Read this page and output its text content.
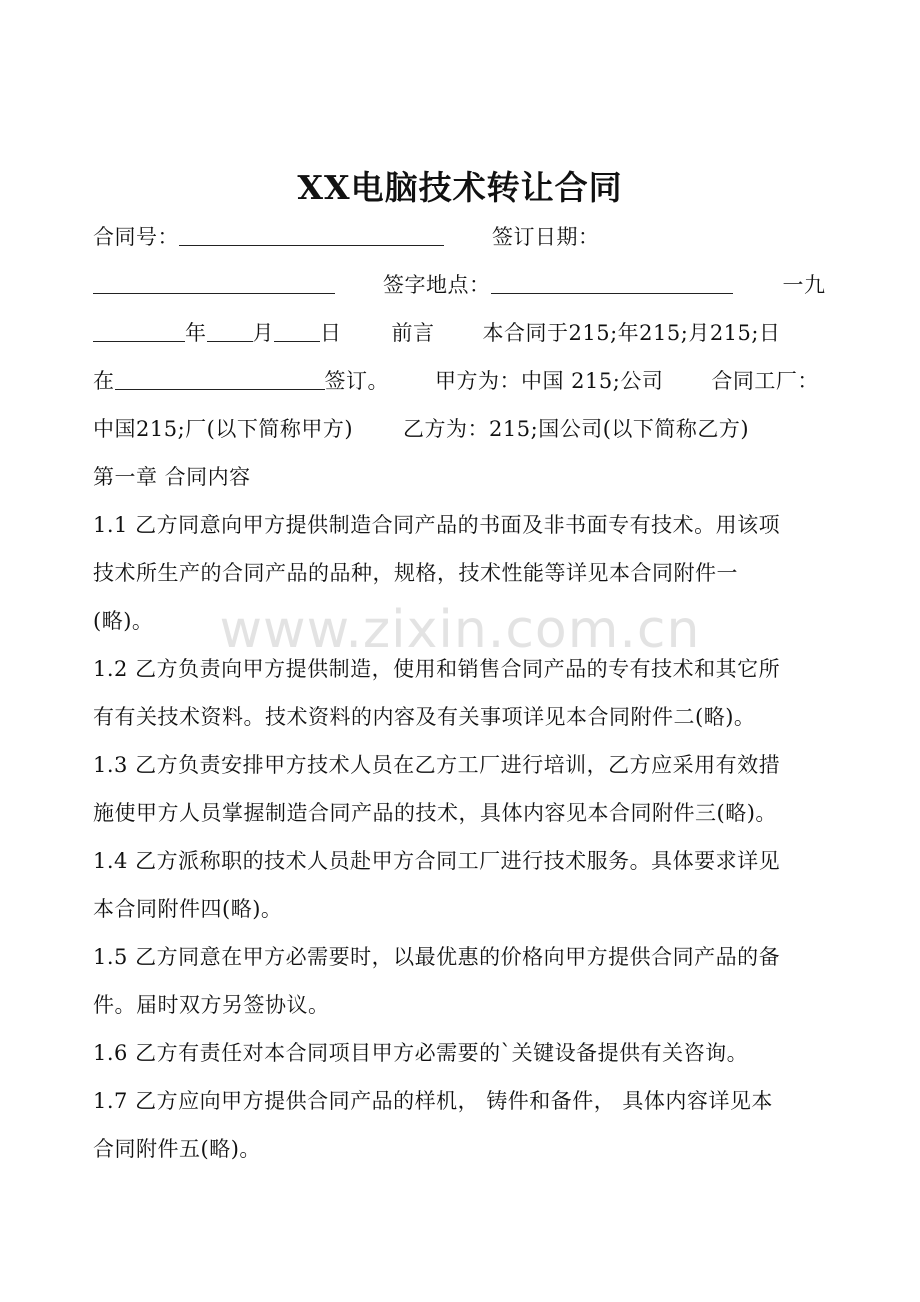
www.zixin.com.cn
XX电脑技术转让合同
合同号：	签订日期：
签字地点：	一九
年 月 日 前言 本合同于215;年215;月215;日
在	签订。 甲方为：中国 215;公司 合同工厂：
中国215;厂(以下简称甲方) 乙方为：215;国公司(以下简称乙方)
第一章 合同内容
1.1 乙方同意向甲方提供制造合同产品的书面及非书面专有技术。用该项
技术所生产的合同产品的品种，规格，技术性能等详见本合同附件一
(略)。
1.2 乙方负责向甲方提供制造，使用和销售合同产品的专有技术和其它所
有有关技术资料。技术资料的内容及有关事项详见本合同附件二(略)。
1.3 乙方负责安排甲方技术人员在乙方工厂进行培训，乙方应采用有效措
施使甲方人员掌握制造合同产品的技术，具体内容见本合同附件三(略)。
1.4 乙方派称职的技术人员赴甲方合同工厂进行技术服务。具体要求详见
本合同附件四(略)。
1.5 乙方同意在甲方必需要时，以最优惠的价格向甲方提供合同产品的备
件。届时双方另签协议。
1.6 乙方有责任对本合同项目甲方必需要的`关键设备提供有关咨询。
1.7 乙方应向甲方提供合同产品的样机， 铸件和备件， 具体内容详见本
合同附件五(略)。
